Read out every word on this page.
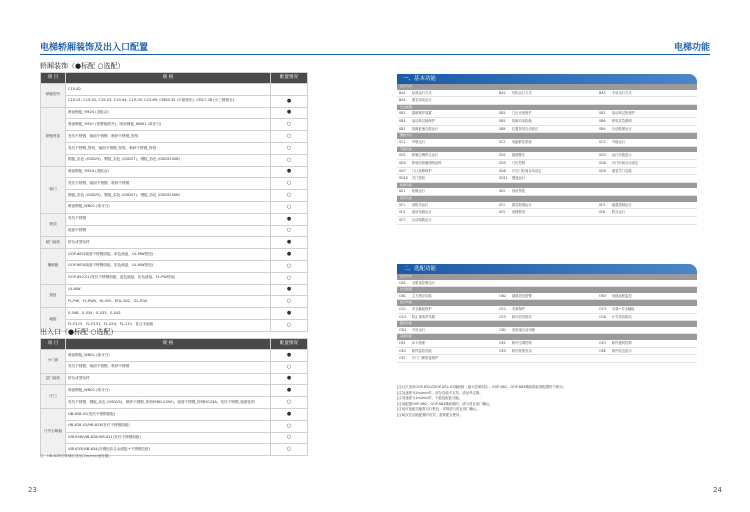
电梯轿厢装饰及出入口配置
轿厢装饰（●标配 ○选配）
项 目	规 格	配置情况
轿厢型号	C15-62	
	C19-01, C19-02, C19-03, C19-94, C19-05, C15-69, CM08-35 (平面照光), CM17-38 (小三圆照光)	●
轿壁材质	喷涂钢板_YM24 (香槟金)	●
	喷涂钢板_YM47 (报警板除外)，喷涂钢板_WN01 (象牙白)	○
	发纹不锈钢，镜面不锈钢，喷砂不锈钢_饰刻	○
	发纹不锈钢_饰刻，镜面不锈钢_饰刻，喷砂不锈钢_饰刻	○
	钢板_彩色 (GSDV5)，钢板_彩色 (GSDV7)，钢板_彩色 (GSD9250B)	○
轿门	喷涂钢板_YM24 (香槟金)	●
	发纹不锈钢，镜面不锈钢，喷砂不锈钢	○
	钢板_彩色 (GSDV5)，钢板_彩色 (GSDV7)，钢板_彩色 (GSD9250B)	○
	喷涂钢板_WN01 (象牙白)	○
轿顶	发纹不锈钢	●
	镜面不锈钢	○
轿门地坎	挤压成型铝材	●
操纵箱	GOP-682(镜面不锈钢面板，单色液晶，UL-MW按钮)	●
	GOP-683(镜面不锈钢面板，彩色液晶，UL-MW按钮)	○
	GOP-652-01(发纹不锈钢面板，蓝色液晶，彩色液晶，FL-PW按钮)	○
按钮	UL-MW	●
	FL-PW，FL-PWA，HL-MO，EDL-S02，GL-POA	○
地板	S-048，S-034，S-033，S-043	●
	FL-P115，FL-P131，FL-024，FL-110，复合木地板	○
出入口（●标配 ○选配）
项 目	规 格	配置情况
小门套	喷涂钢板_WN01 (象牙白)	●
	发纹不锈钢，镜面不锈钢，喷砂不锈钢	○
层门地坎	挤压成型铝材	●
厅门	喷涂钢板_WN01 (象牙白)	●
	发纹不锈钢，钢板_彩色 (GSDV5)，喷砂不锈钢_饰刻(RBD-0350)，镜面不锈钢_饰刻DG23A，发纹不锈钢_镜面蚀刻	○
厅外召唤箱	HB-658-02(发纹不锈钢面板)	●
	HB-628-02/HB-628(发纹不锈钢面板)	○
	VIB-658/VIB-628/VIB-611(发纹不锈钢面板)	○
	VIB-633/VIB-634(各钢色彩合金面板+不锈钢边框)	○
注：HB-628仅单梯位适用(2m/min速电梯)。
23
电梯功能
一、基本功能
运行方式
BA1	标准运行方式	BA2	司机运行方式	BA3	专用运行方式
BA4	紧急电动运行
安全装置
SB1	超载保护装置	SB2	门区光电保护	SB3	电动机过热保护
SB4	电动机过载保护	SB5	故障自动检测	SB6	停电应急照明
SB7	故障低速自救运行	SB8	位置异常自动校正	SB9	自动救援运行
群控方式
SC1	并联运行	SC2	电脑群控系统	SC3	节能运行
节能功能
SD1	轿厢空调停止运行	SD2	超载警告	SD3	运行次数显示
SD4	停电时轿厢照明延时	SD5	门灯控制	SD6	开门时间自动设定
SD7	门口检修保护	SD8	开关门时间自动设定	SD9	重复关门功能
SD10	关门按钮	SD11	慢速运行
检修功能
SE1	检修运行	SE2	到站预报
紧急功能
SF1	消防员运行	SF2	紧急救援运行	SF3	地震管制运行
SF4	备用电源运行	SF5	电梯停用	SF6	防灾运行
SF7	自动疏散运行
二、选配功能
运行方式
OA1	全集选控制运行
安全装置
OB1	主方感应功能	OB2	超载语音报警	OB3	电梯远程监控
显示功能
OC1	安全触板保护	OC2	光幕保护	OC3	光幕+安全触板
OC4	防止乘客恶作剧	OC5	轿内语音报站	OC6	厅外语音报站
服务功能
OD1	专用运行	OD2	高低速自动切换
其他功能
OE1	IC卡管理	OE2	轿内空调控制	OE3	轿内通风控制
OE4	轿内监控功能	OE5	轿内背景音乐	OE6	轿内信息显示
OE7	厅门门锁短接保护
[注1]只适用GOP-652或GOP-652-01操纵箱（最大控制5层）；GOP-682、GOP-683操纵箱标准配置时不使用。
[注2]速度为2m/min时，部分功能不支持，请参考注释。
[注3]速度为1m/min时，不能选配此功能。
[注4]配置GOP-682、GOP-683操纵箱时，请与营业部门确认。
[注5]可选配功能需另行报价，详情请与营业部门确认。
[注6]仅在功能配置时有效，需要配合使用。
24
